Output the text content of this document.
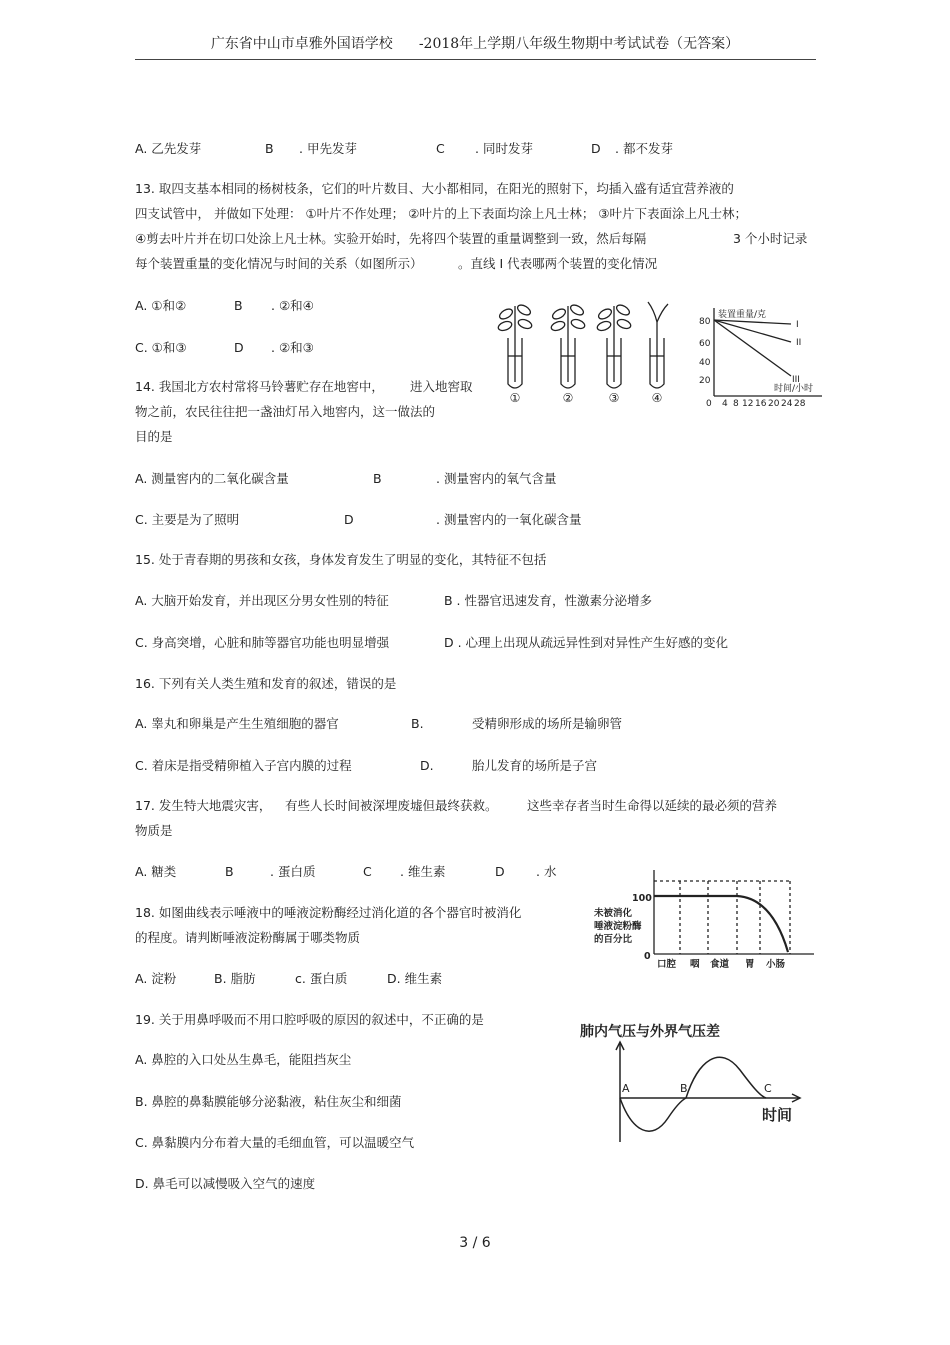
广东省中山市卓雅外国语学校 -2018年上学期八年级生物期中考试试卷（无答案）
A. 乙先发芽	B . 甲先发芽	C . 同时发芽	D . 都不发芽
13. 取四支基本相同的杨树枝条，它们的叶片数目、大小都相同，在阳光的照射下，均插入盛有适宜营养液的
四支试管中， 并做如下处理： ①叶片不作处理； ②叶片的上下表面均涂上凡士林； ③叶片下表面涂上凡士林；
④剪去叶片并在切口处涂上凡士林。实验开始时，先将四个装置的重量调整到一致，然后每隔	3 个小时记录
每个装置重量的变化情况与时间的关系（如图所示）	。直线 I 代表哪两个装置的变化情况
A. ①和②	B . ②和④
C. ①和③	D . ②和③
①	②	③	④
装置重量/克
80
60
40
20
0 4 8 12 16 20 24 28
时间/小时
I
II
III
14. 我国北方农村常将马铃薯贮存在地窖中， 进入地窖取
物之前，农民往往把一盏油灯吊入地窖内，这一做法的
目的是
A. 测量窖内的二氧化碳含量	B	. 测量窖内的氧气含量
C. 主要是为了照明	D	. 测量窖内的一氧化碳含量
15. 处于青春期的男孩和女孩，身体发育发生了明显的变化，其特征不包括
A. 大脑开始发育，并出现区分男女性别的特征	B . 性器官迅速发育，性激素分泌增多
C. 身高突增，心脏和肺等器官功能也明显增强	D . 心理上出现从疏远异性到对异性产生好感的变化
16. 下列有关人类生殖和发育的叙述，错误的是
A. 睾丸和卵巢是产生生殖细胞的器官	B.	受精卵形成的场所是输卵管
C. 着床是指受精卵植入子宫内膜的过程	D.	胎儿发育的场所是子宫
17. 发生特大地震灾害， 有些人长时间被深埋废墟但最终获救。 这些幸存者当时生命得以延续的最必须的营养
物质是
A. 糖类	B	. 蛋白质	C . 维生素	D	. 水
未被消化
唾液淀粉酶
的百分比
100
0
口腔 咽 食道 胃 小肠
18. 如图曲线表示唾液中的唾液淀粉酶经过消化道的各个器官时被消化
的程度。请判断唾液淀粉酶属于哪类物质
A. 淀粉	B. 脂肪	c. 蛋白质	D. 维生素
19. 关于用鼻呼吸而不用口腔呼吸的原因的叙述中，不正确的是
A. 鼻腔的入口处丛生鼻毛，能阻挡灰尘
B. 鼻腔的鼻黏膜能够分泌黏液，粘住灰尘和细菌
C. 鼻黏膜内分布着大量的毛细血管，可以温暖空气
D. 鼻毛可以减慢吸入空气的速度
肺内气压与外界气压差
A	B	C
时间
3 / 6
